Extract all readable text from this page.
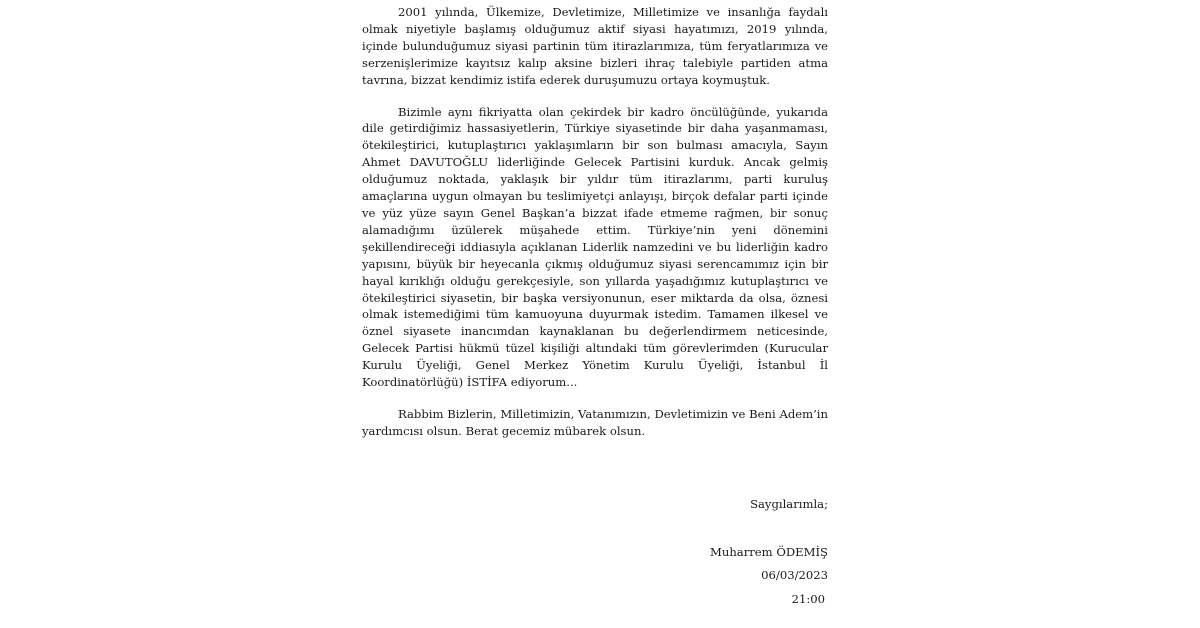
2001 yılında, Ülkemize, Devletimize, Milletimize ve insanlığa faydalı olmak niyetiyle başlamış olduğumuz aktif siyasi hayatımızı, 2019 yılında, içinde bulunduğumuz siyasi partinin tüm itirazlarımıza, tüm feryatlarımıza ve serzenişlerimize kayıtsız kalıp aksine bizleri ihraç talebiyle partiden atma tavrına, bizzat kendimiz istifa ederek duruşumuzu ortaya koymuştuk.

Bizimle aynı fikriyatta olan çekirdek bir kadro öncülüğünde, yukarıda dile getirdiğimiz hassasiyetlerin, Türkiye siyasetinde bir daha yaşanmaması, ötekileştirici, kutuplaştırıcı yaklaşımların bir son bulması amacıyla, Sayın Ahmet DAVUTOĞLU liderliğinde Gelecek Partisini kurduk. Ancak gelmiş olduğumuz noktada, yaklaşık bir yıldır tüm itirazlarımı, parti kuruluş amaçlarına uygun olmayan bu teslimiyetçi anlayışı, birçok defalar parti içinde ve yüz yüze sayın Genel Başkan’a bizzat ifade etmeme rağmen, bir sonuç alamadığımı üzülerek müşahede ettim. Türkiye’nin yeni dönemini şekillendireceği iddiasıyla açıklanan Liderlik namzedini ve bu liderliğin kadro yapısını, büyük bir heyecanla çıkmış olduğumuz siyasi serencamımız için bir hayal kırıklığı olduğu gerekçesiyle, son yıllarda yaşadığımız kutuplaştırıcı ve ötekileştirici siyasetin, bir başka versiyonunun, eser miktarda da olsa, öznesi olmak istemediğimi tüm kamuoyuna duyurmak istedim. Tamamen ilkesel ve öznel siyasete inancımdan kaynaklanan bu değerlendirmem neticesinde, Gelecek Partisi hükmü tüzel kişiliği altındaki tüm görevlerimden (Kurucular Kurulu Üyeliği, Genel Merkez Yönetim Kurulu Üyeliği, İstanbul İl Koordinatörlüğü) İSTİFA ediyorum...

Rabbim Bizlerin, Milletimizin, Vatanımızın, Devletimizin ve Beni Adem’in yardımcısı olsun. Berat gecemiz mübarek olsun.

Saygılarımla;

Muharrem ÖDEMİŞ

06/03/2023

21:00
